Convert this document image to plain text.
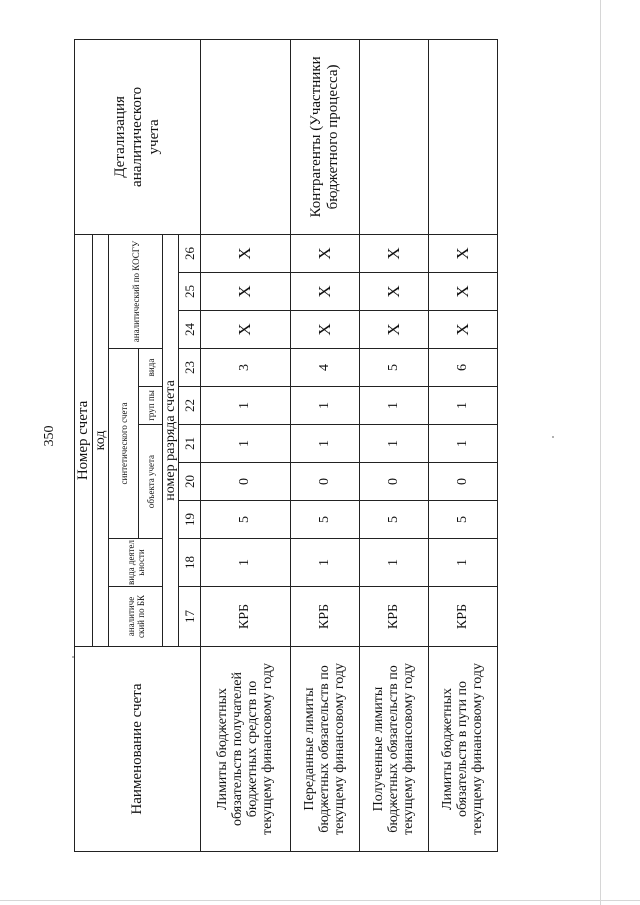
350
Наименование счета	Номер счета										Детализация аналитического учета
	код										
	аналитиче ский по БК	вида деятел ьности	синтетического счета					аналитический по КОСГУ			
			объекта учета			груп пы	вида				
	номер разряда счета										
	17	18	19	20	21	22	23	24	25	26	
Лимиты бюджетных обязательств получателей бюджетных средств по текущему финансовому году	КРБ	1	5	0	1	1	3	X	X	X	
Переданные лимиты бюджетных обязательств по текущему финансовому году	КРБ	1	5	0	1	1	4	X	X	X	Контрагенты (Участники бюджетного процесса)
Полученные лимиты бюджетных обязательств по текущему финансовому году	КРБ	1	5	0	1	1	5	X	X	X	
Лимиты бюджетных обязательств в пути по текущему финансовому году	КРБ	1	5	0	1	1	6	X	X	X	
